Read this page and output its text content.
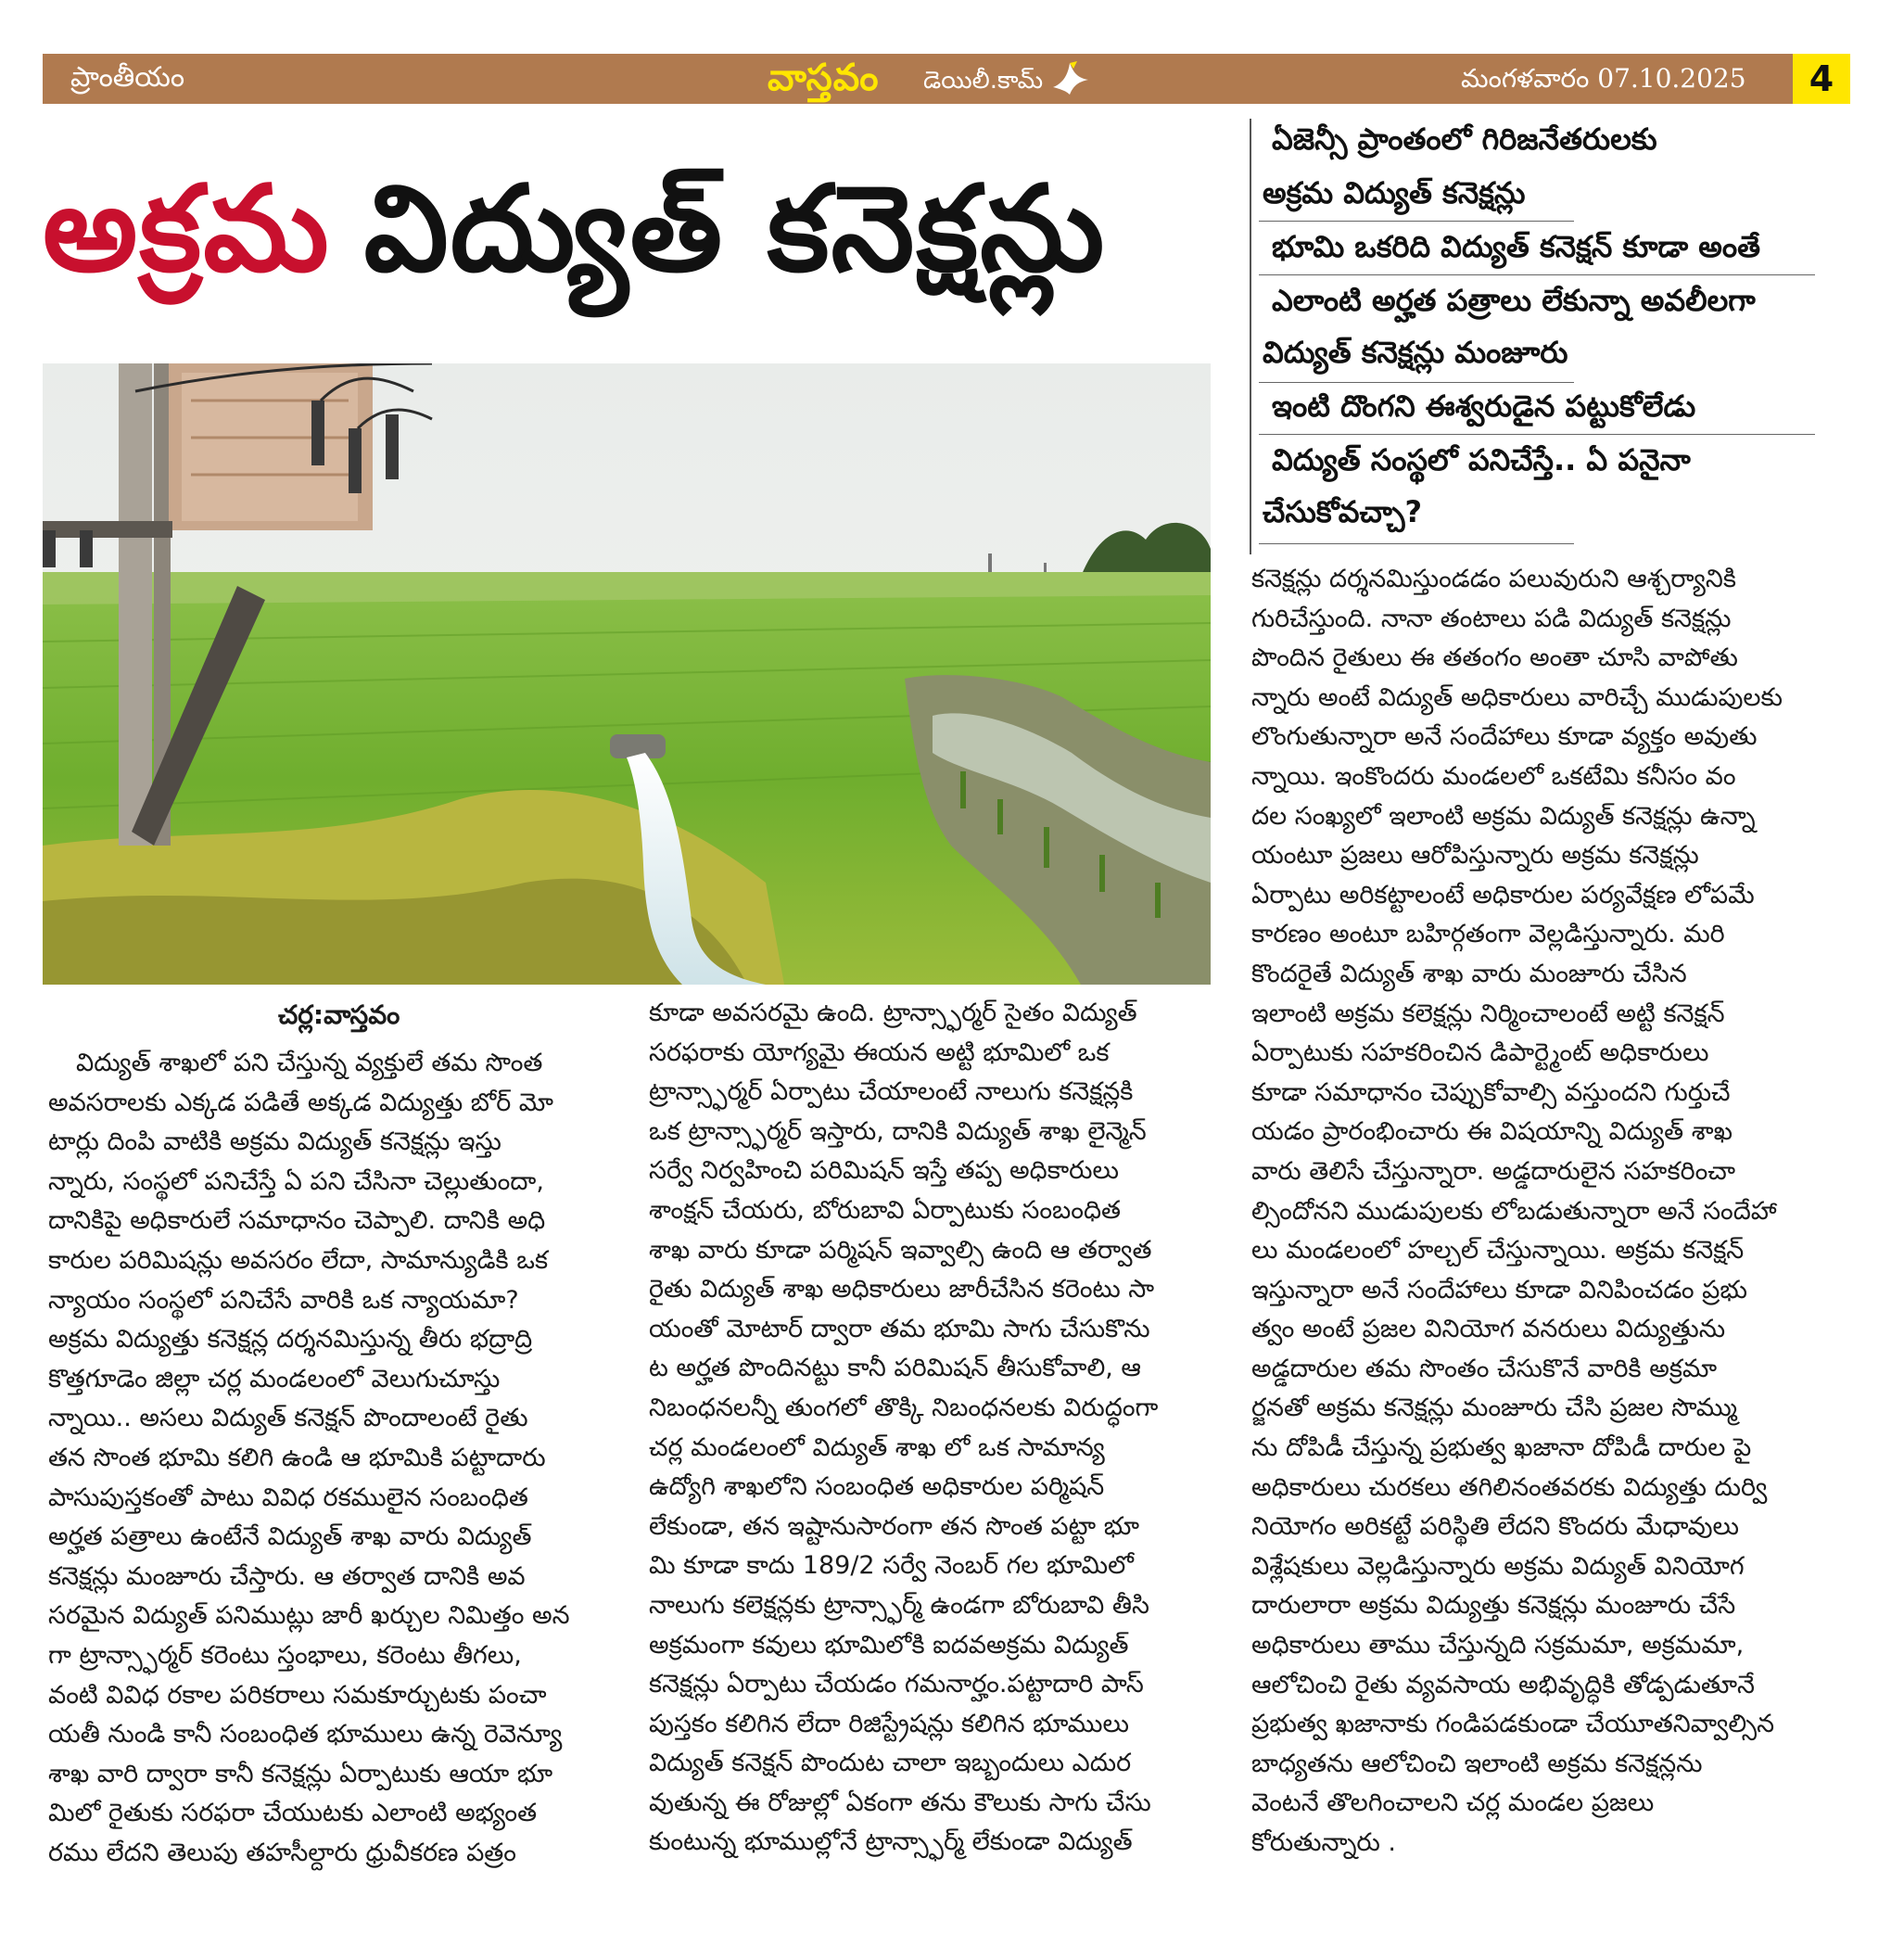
ప్రాంతీయం	వాస్తవం డెయిలీ.కామ్	మంగళవారం 07.10.2025	4
అక్రమ విద్యుత్ కనెక్షన్లు
ఏజెన్సీ ప్రాంతంలో గిరిజనేతరులకు
అక్రమ విద్యుత్ కనెక్షన్లు
భూమి ఒకరిది విద్యుత్ కనెక్షన్ కూడా అంతే
ఎలాంటి అర్హత పత్రాలు లేకున్నా అవలీలగా
విద్యుత్ కనెక్షన్లు మంజూరు
ఇంటి దొంగని ఈశ్వరుడైన పట్టుకోలేడు
విద్యుత్ సంస్థలో పనిచేస్తే.. ఏ పనైనా
చేసుకోవచ్చా?
చర్ల:వాస్తవం

విద్యుత్ శాఖలో పని చేస్తున్న వ్యక్తులే తమ సొంత

అవసరాలకు ఎక్కడ పడితే అక్కడ విద్యుత్తు బోర్ మో

టార్లు దింపి వాటికి అక్రమ విద్యుత్ కనెక్షన్లు ఇస్తు

న్నారు, సంస్థలో పనిచేస్తే ఏ పని చేసినా చెల్లుతుందా,

దానికిపై అధికారులే సమాధానం చెప్పాలి. దానికి అధి

కారుల పరిమిషన్లు అవసరం లేదా, సామాన్యుడికి ఒక

న్యాయం సంస్థలో పనిచేసే వారికి ఒక న్యాయమా?

అక్రమ విద్యుత్తు కనెక్షన్ల దర్శనమిస్తున్న తీరు భద్రాద్రి

కొత్తగూడెం జిల్లా చర్ల మండలంలో వెలుగుచూస్తు

న్నాయి.. అసలు విద్యుత్ కనెక్షన్ పొందాలంటే రైతు

తన సొంత భూమి కలిగి ఉండి ఆ భూమికి పట్టాదారు

పాసుపుస్తకంతో పాటు వివిధ రకములైన సంబంధిత

అర్హత పత్రాలు ఉంటేనే విద్యుత్ శాఖ వారు విద్యుత్

కనెక్షన్లు మంజూరు చేస్తారు. ఆ తర్వాత దానికి అవ

సరమైన విద్యుత్ పనిముట్లు జారీ ఖర్చుల నిమిత్తం అన

గా ట్రాన్స్ఫార్మర్ కరెంటు స్తంభాలు, కరెంటు తీగలు,

వంటి వివిధ రకాల పరికరాలు సమకూర్చుటకు పంచా

యతీ నుండి కానీ సంబంధిత భూములు ఉన్న రెవెన్యూ

శాఖ వారి ద్వారా కానీ కనెక్షన్లు ఏర్పాటుకు ఆయా భూ

మిలో రైతుకు సరఫరా చేయుటకు ఎలాంటి అభ్యంత

రము లేదని తెలుపు తహసీల్దారు ధ్రువీకరణ పత్రం

కూడా అవసరమై ఉంది. ట్రాన్స్ఫార్మర్ సైతం విద్యుత్

సరఫరాకు యోగ్యమై ఈయన అట్టి భూమిలో ఒక

ట్రాన్స్ఫార్మర్ ఏర్పాటు చేయాలంటే నాలుగు కనెక్షన్లకి

ఒక ట్రాన్స్ఫార్మర్ ఇస్తారు, దానికి విద్యుత్ శాఖ లైన్మెన్

సర్వే నిర్వహించి పరిమిషన్ ఇస్తే తప్ప అధికారులు

శాంక్షన్ చేయరు, బోరుబావి ఏర్పాటుకు సంబంధిత

శాఖ వారు కూడా పర్మిషన్ ఇవ్వాల్సి ఉంది ఆ తర్వాత

రైతు విద్యుత్ శాఖ అధికారులు జారీచేసిన కరెంటు సా

యంతో మోటార్ ద్వారా తమ భూమి సాగు చేసుకొను

ట అర్హత పొందినట్టు కానీ పరిమిషన్ తీసుకోవాలి, ఆ

నిబంధనలన్నీ తుంగలో తొక్కి నిబంధనలకు విరుద్ధంగా

చర్ల మండలంలో విద్యుత్ శాఖ లో ఒక సామాన్య

ఉద్యోగి శాఖలోని సంబంధిత అధికారుల పర్మిషన్

లేకుండా, తన ఇష్టానుసారంగా తన సొంత పట్టా భూ

మి కూడా కాదు 189/2 సర్వే నెంబర్ గల భూమిలో

నాలుగు కలెక్షన్లకు ట్రాన్స్ఫార్మ్ ఉండగా బోరుబావి తీసి

అక్రమంగా కవులు భూమిలోకి ఐదవఅక్రమ విద్యుత్

కనెక్షన్లు ఏర్పాటు చేయడం గమనార్హం.పట్టాదారి పాస్

పుస్తకం కలిగిన లేదా రిజిస్ట్రేషన్లు కలిగిన భూములు

విద్యుత్ కనెక్షన్ పొందుట చాలా ఇబ్బందులు ఎదుర

వుతున్న ఈ రోజుల్లో ఏకంగా తను కౌలుకు సాగు చేసు

కుంటున్న భూముల్లోనే ట్రాన్స్ఫార్మ్ లేకుండా విద్యుత్

కనెక్షన్లు దర్శనమిస్తుండడం పలువురుని ఆశ్చర్యానికి

గురిచేస్తుంది. నానా తంటాలు పడి విద్యుత్ కనెక్షన్లు

పొందిన రైతులు ఈ తతంగం అంతా చూసి వాపోతు

న్నారు అంటే విద్యుత్ అధికారులు వారిచ్చే ముడుపులకు

లొంగుతున్నారా అనే సందేహాలు కూడా వ్యక్తం అవుతు

న్నాయి. ఇంకొందరు మండలలో ఒకటేమి కనీసం వం

దల సంఖ్యలో ఇలాంటి అక్రమ విద్యుత్ కనెక్షన్లు ఉన్నా

యంటూ ప్రజలు ఆరోపిస్తున్నారు అక్రమ కనెక్షన్లు

ఏర్పాటు అరికట్టాలంటే అధికారుల పర్యవేక్షణ లోపమే

కారణం అంటూ బహిర్గతంగా వెల్లడిస్తున్నారు. మరి

కొందరైతే విద్యుత్ శాఖ వారు మంజూరు చేసిన

ఇలాంటి అక్రమ కలెక్షన్లు నిర్మించాలంటే అట్టి కనెక్షన్

ఏర్పాటుకు సహకరించిన డిపార్ట్మెంట్ అధికారులు

కూడా సమాధానం చెప్పుకోవాల్సి వస్తుందని గుర్తుచే

యడం ప్రారంభించారు ఈ విషయాన్ని విద్యుత్ శాఖ

వారు తెలిసే చేస్తున్నారా. అడ్డదారులైన సహకరించా

ల్సిందోనని ముడుపులకు లోబడుతున్నారా అనే సందేహా

లు మండలంలో హల్చల్ చేస్తున్నాయి. అక్రమ కనెక్షన్

ఇస్తున్నారా అనే సందేహాలు కూడా వినిపించడం ప్రభు

త్వం అంటే ప్రజల వినియోగ వనరులు విద్యుత్తును

అడ్డదారుల తమ సొంతం చేసుకొనే వారికి అక్రమా

ర్జనతో అక్రమ కనెక్షన్లు మంజూరు చేసి ప్రజల సొమ్ము

ను దోపిడీ చేస్తున్న ప్రభుత్వ ఖజానా దోపిడీ దారుల పై

అధికారులు చురకలు తగిలినంతవరకు విద్యుత్తు దుర్వి

నియోగం అరికట్టే పరిస్థితి లేదని కొందరు మేధావులు

విశ్లేషకులు వెల్లడిస్తున్నారు అక్రమ విద్యుత్ వినియోగ

దారులారా అక్రమ విద్యుత్తు కనెక్షన్లు మంజూరు చేసే

అధికారులు తాము చేస్తున్నది సక్రమమా, అక్రమమా,

ఆలోచించి రైతు వ్యవసాయ అభివృద్ధికి తోడ్పడుతూనే

ప్రభుత్వ ఖజానాకు గండిపడకుండా చేయూతనివ్వాల్సిన

బాధ్యతను ఆలోచించి ఇలాంటి అక్రమ కనెక్షన్లను

వెంటనే తొలగించాలని చర్ల మండల ప్రజలు

కోరుతున్నారు .
